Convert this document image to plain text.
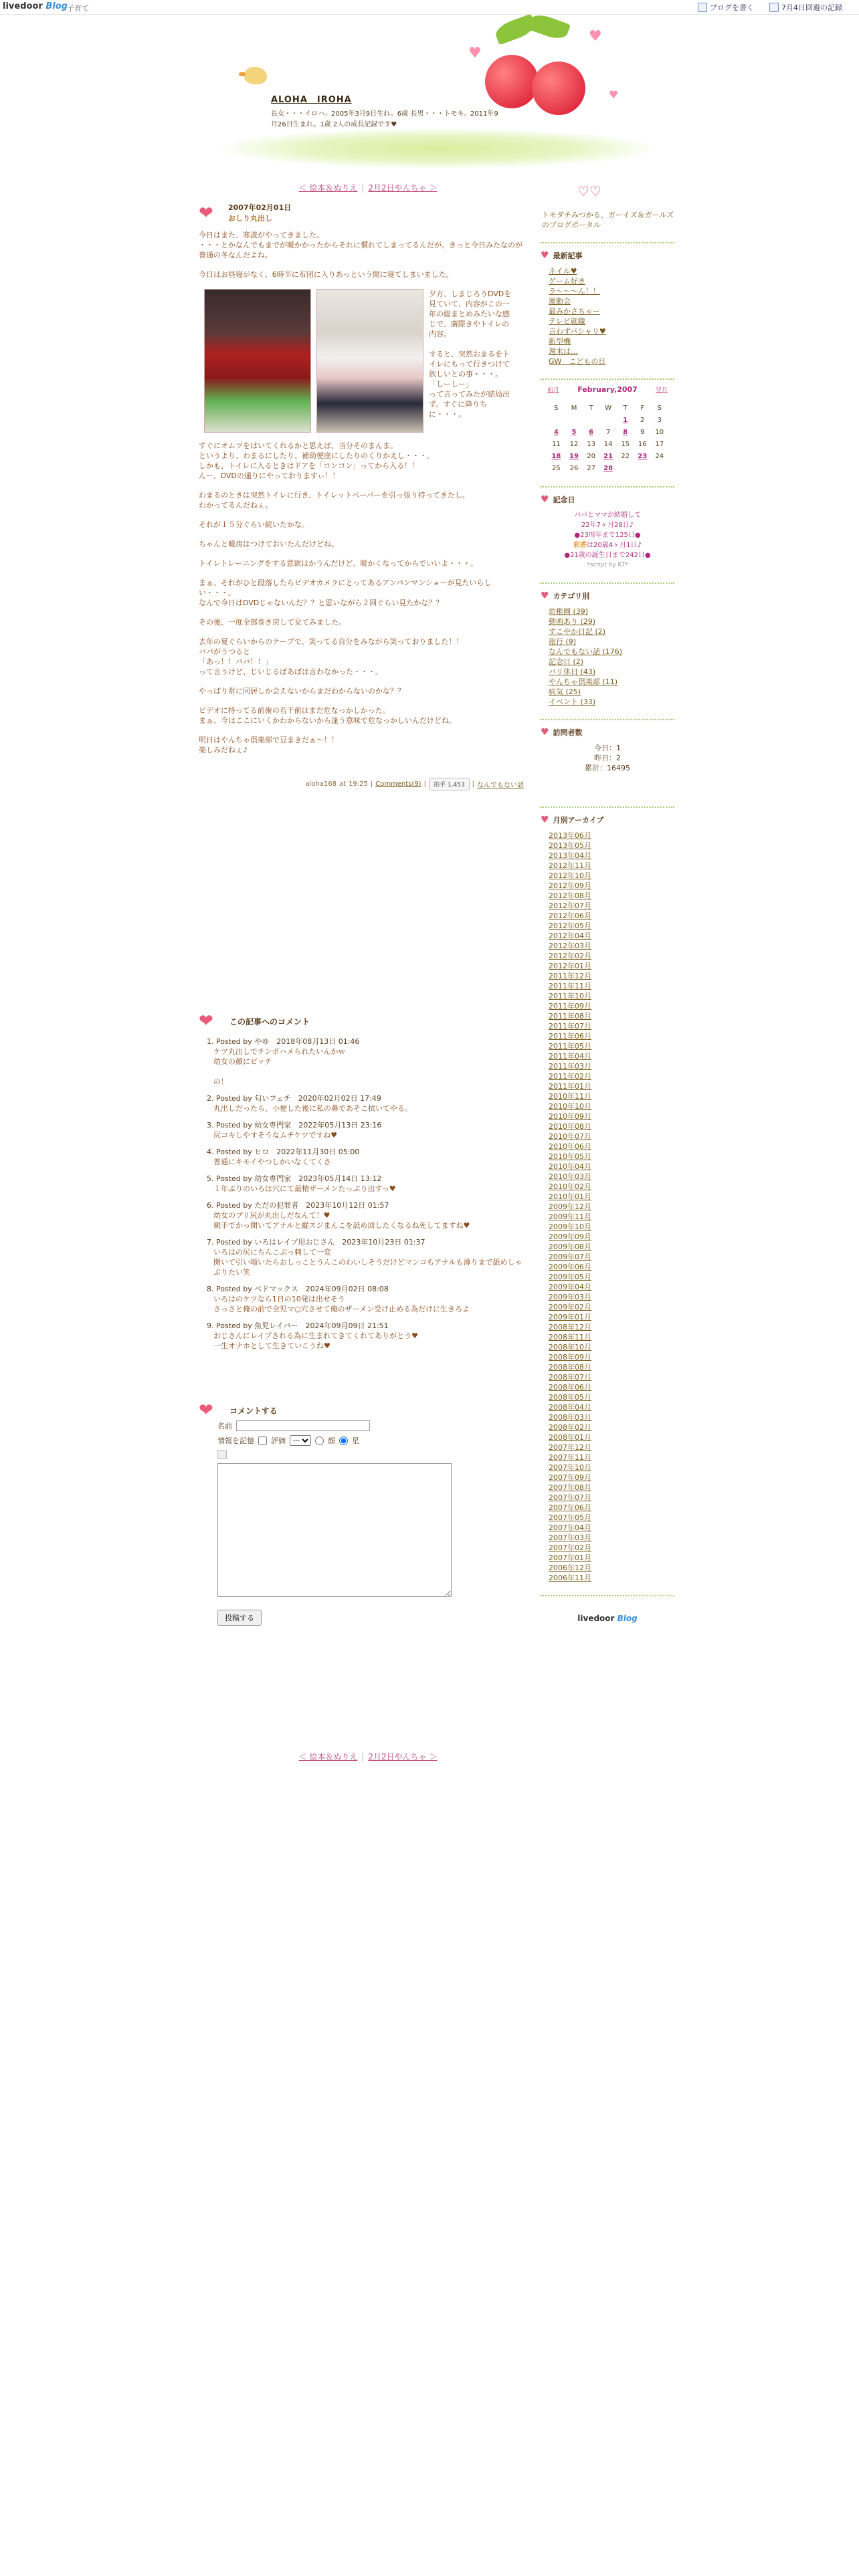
livedoor Blog 子育て	ブログを書く	7月4日回避の記録
♥
♥
♥
ALOHA　IROHA
長女・・・イロハ。2005年3月9日生れ。6歳 長男・・・トモキ。2011年9月26日生まれ。1歳 2人の成長記録です♥
＜ 絵本＆ぬりえ | 2月2日やんちゃ ＞
❤ 2007年02月01日
おしり丸出し

今日はまた、寒波がやってきました。
・・・とかなんでもまでが暖かかったからそれに慣れてしまってるんだが。きっと今日みたなのが普通の冬なんだよね。

今日はお昼寝がなく、6時半に布団に入りあっという間に寝てしまいました。

夕方、しまじろうDVDを見ていて、内容がこの一年の総まとめみたいな感じで、廣際きやトイレの内容。

すると、突然おまるをトイレにもって行きつけて欲しいとの事・・・。
「しーしー」
って言ってみたが結局出ず。すぐに降りちに・・・。

すぐにオムツをはいてくれるかと思えば、当分そのまんま。
というより、わまるにしたり、補助便座にしたりのくりかえし・・・。
しかも、トイレに入るときはドアを「コンコン」ってから入る！！
んー、DVDの通りにやっておりますぃ！！

わまるのときは突然トイレに行き、トイレットペーパーを引っ張り持ってきたし。
わかってるんだねぇ。

それが１５分ぐらい続いたかな。

ちゃんと暖房はつけておいたんだけどね。

トイレトレーニングをする意欲はかうんだけど、暖かくなってからでいいよ・・・。

まぁ、それがひと段落したらビデオカメラにとってあるアンパンマンショーが見たいらしい・・・。
なんで今日はDVDじゃないんだ？？と思いながら２回ぐらい見たかな？？

その後、一度全部巻き戻して見てみました。

去年の夏ぐらいからのテープで、笑ってる自分をみながら笑っておりました！！
パパがうつると
「あっ！！パパ！！」
って言うけど、じいじるばあばは言わなかった・・・。

やっぱり常に同居しか会えないからまだわからないのかな？？

ビデオに持ってる前歯の若干前はまだ危なっかしかった。
まぁ、今はここにいくかわからないから逢う意味で危なっかしいんだけどね。

明日はやんちゃ倶楽部で豆まきだぁ～！！
楽しみだねぇ♪

aloha168 at 19:25 | Comments(9) |	拍手 1,453	| なんでもない話
❤ この記事へのコメント
1. Posted by やゆ　2018年08月13日 01:46
ケツ丸出しでチンポハメられたいんかｗ
幼女の顔にピッチ

の！
2. Posted by 匂いフェチ　2020年02月02日 17:49
丸出しだったら、小便した後に私の鼻であそこ拭いてやる。
3. Posted by 幼女専門家　2022年05月13日 23:16
尻コキしやすそうなムチケツですね♥
4. Posted by ヒロ　2022年11月30日 05:00
普通にキモイやつしかいなくてくさ
5. Posted by 幼女専門家　2023年05月14日 13:12
１年ぶりのいろは穴にて最精ザーメンたっぷり出すっ♥
6. Posted by ただの犯罪者　2023年10月12日 01:57
幼女のプリ尻が丸出しだなんて！♥
親手でかっ開いてアナルと縦スジまんこを舐め回したくなるね死してますね♥
7. Posted by いろはレイプ用おじさん　2023年10月23日 01:37
いろはの尻にちんこぶっ刺して一変
開いて引い場いたらおしっことうんこのわいしそうだけどマンコもアナルも薄りまで舐めしゃぶりたい笑
8. Posted by ベドマックス　2024年09月02日 08:08
いろはのケツなら1日の10発は出せそう
さっさと俺の前で全児マ○穴させて俺のザーメン受け止める為だけに生きろよ
9. Posted by 魚児レイパー　2024年09月09日 21:51
おじさんにレイプされる為に生まれてきてくれてありがとう♥
一生オナホとして生きていこうね♥
❤ コメントする
名前
情報を記憶 評価
---	顔 星

投稿する
＜ 絵本＆ぬりえ | 2月2日やんちゃ ＞
♡♡
トモダチみつかる、ガーイズ＆ガールズのブログポータル
♥ 最新記事
ネイル♥
ゲーム好き
ラ〜〜〜ん！！
運動会
最みかさちゃー
テレビ就職
言わずパシャリ♥
新型機
週末は…
GW　こどもの日
前月 February,2007	翌月
S	M	T	W	T	F	S
				1	2	3
4	5	6	7	8	9	10
11	12	13	14	15	16	17
18	19	20	21	22	23	24
25	26	27	28			
♥ 記念日
パパとママが結婚して
22年7ヶ月28日♪
●23周年まで125日●
彩香は20歳4ヶ月1日♪
●21歳の誕生日まで242日●
*script by KT*
♥ カテゴリ別
幼稚園 (39)
動画あり (29)
すこやか日記 (2)
旅行 (9)
なんでもない話 (176)
記念日 (2)
バリ休日 (43)
やんちゃ倶楽部 (11)
病気 (25)
イベント (33)
♥ 訪問者数
今日：1
昨日：2
累計：16495
♥ 月別アーカイブ
2013年06月
2013年05月
2013年04月
2012年11月
2012年10月
2012年09月
2012年08月
2012年07月
2012年06月
2012年05月
2012年04月
2012年03月
2012年02月
2012年01月
2011年12月
2011年11月
2011年10月
2011年09月
2011年08月
2011年07月
2011年06月
2011年05月
2011年04月
2011年03月
2011年02月
2011年01月
2010年11月
2010年10月
2010年09月
2010年08月
2010年07月
2010年06月
2010年05月
2010年04月
2010年03月
2010年02月
2010年01月
2009年12月
2009年11月
2009年10月
2009年09月
2009年08月
2009年07月
2009年06月
2009年05月
2009年04月
2009年03月
2009年02月
2009年01月
2008年12月
2008年11月
2008年10月
2008年09月
2008年08月
2008年07月
2008年06月
2008年05月
2008年04月
2008年03月
2008年02月
2008年01月
2007年12月
2007年11月
2007年10月
2007年09月
2007年08月
2007年07月
2007年06月
2007年05月
2007年04月
2007年03月
2007年02月
2007年01月
2006年12月
2006年11月
livedoor Blog
